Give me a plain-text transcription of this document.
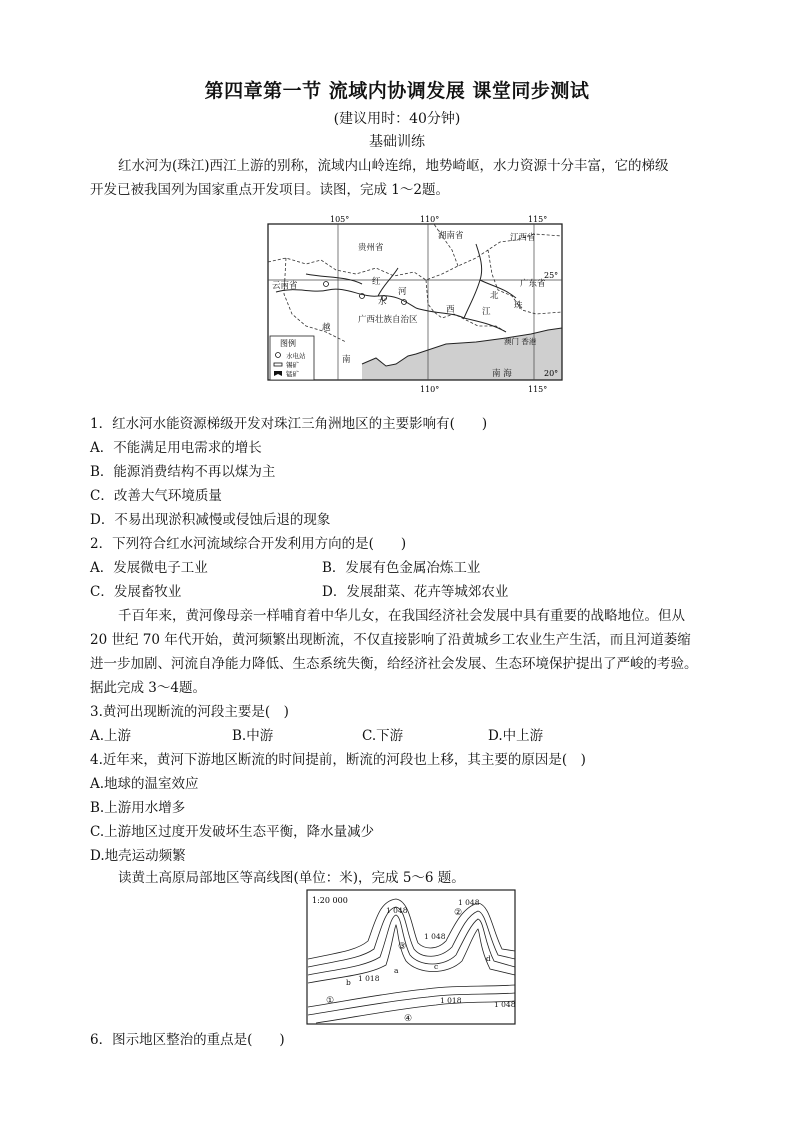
第四章第一节 流域内协调发展 课堂同步测试
(建议用时：40分钟)
基础训练
红水河为(珠江)西江上游的别称，流域内山岭连绵，地势崎岖，水力资源十分丰富，它的梯级
开发已被我国列为国家重点开发项目。读图，完成 1～2题。
105°	110°	115°
110°	115°
25°
20°
贵州省
湖南省	江西省
云南省
广西壮族自治区
广东省
红
水
河	北
江
西	珠
澳门 香港
越
南
南 海
图例
水电站
锡矿
锰矿
1．红水河水能资源梯级开发对珠江三角洲地区的主要影响有(　　)
A．不能满足用电需求的增长
B．能源消费结构不再以煤为主
C．改善大气环境质量
D．不易出现淤积减慢或侵蚀后退的现象
2．下列符合红水河流域综合开发利用方向的是(　　)
A．发展微电子工业	B．发展有色金属冶炼工业
C．发展畜牧业	D．发展甜菜、花卉等城郊农业
千百年来，黄河像母亲一样哺育着中华儿女，在我国经济社会发展中具有重要的战略地位。但从
20 世纪 70 年代开始，黄河频繁出现断流，不仅直接影响了沿黄城乡工农业生产生活，而且河道萎缩
进一步加剧、河流自净能力降低、生态系统失衡，给经济社会发展、生态环境保护提出了严峻的考验。
据此完成 3～4题。
3.黄河出现断流的河段主要是(　)
A.上游	B.中游	C.下游	D.中上游
4.近年来，黄河下游地区断流的时间提前，断流的河段也上移，其主要的原因是(　)
A.地球的温室效应
B.上游用水增多
C.上游地区过度开发破坏生态平衡，降水量减少
D.地壳运动频繁
读黄土高原局部地区等高线图(单位：米)，完成 5～6 题。
1:20 000
1 048
1 048
1 048
1 018
1 018	1 048
①
②
③
④
a
b
c
d
6．图示地区整治的重点是(　　)
